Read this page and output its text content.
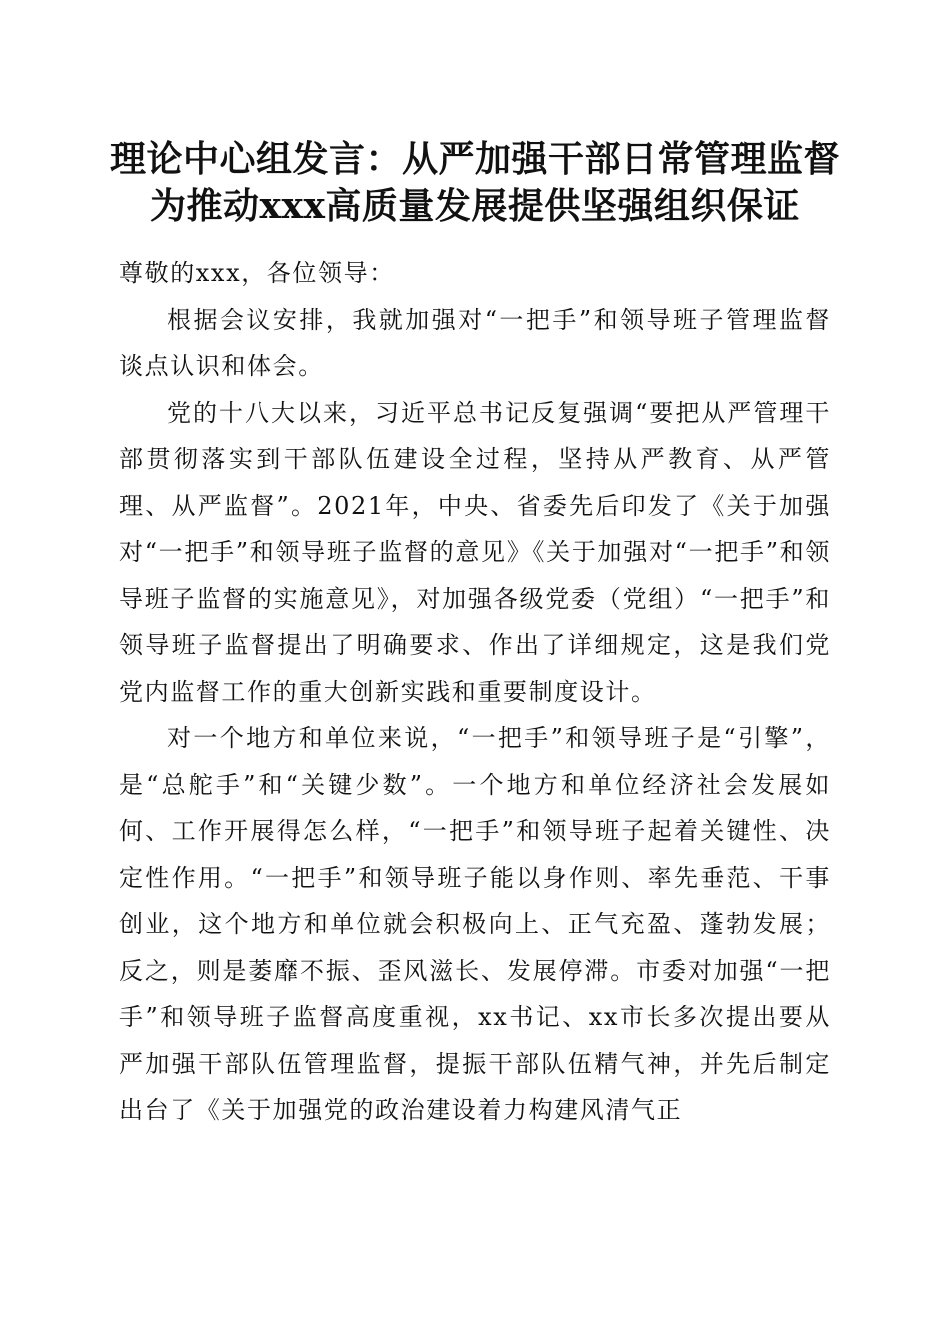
理论中心组发言：从严加强干部日常管理监督
为推动xxx高质量发展提供坚强组织保证

尊敬的xxx，各位领导：

根据会议安排，我就加强对“一把手”和领导班子管理监督谈点认识和体会。

党的十八大以来，习近平总书记反复强调“要把从严管理干部贯彻落实到干部队伍建设全过程，坚持从严教育、从严管理、从严监督”。2021年，中央、省委先后印发了《关于加强对“一把手”和领导班子监督的意见》《关于加强对“一把手”和领导班子监督的实施意见》，对加强各级党委（党组）“一把手”和领导班子监督提出了明确要求、作出了详细规定，这是我们党党内监督工作的重大创新实践和重要制度设计。

对一个地方和单位来说，“一把手”和领导班子是“引擎”，是“总舵手”和“关键少数”。一个地方和单位经济社会发展如何、工作开展得怎么样，“一把手”和领导班子起着关键性、决定性作用。“一把手”和领导班子能以身作则、率先垂范、干事创业，这个地方和单位就会积极向上、正气充盈、蓬勃发展；反之，则是萎靡不振、歪风滋长、发展停滞。市委对加强“一把手”和领导班子监督高度重视，xx书记、xx市长多次提出要从严加强干部队伍管理监督，提振干部队伍精气神，并先后制定出台了《关于加强党的政治建设着力构建风清气正
